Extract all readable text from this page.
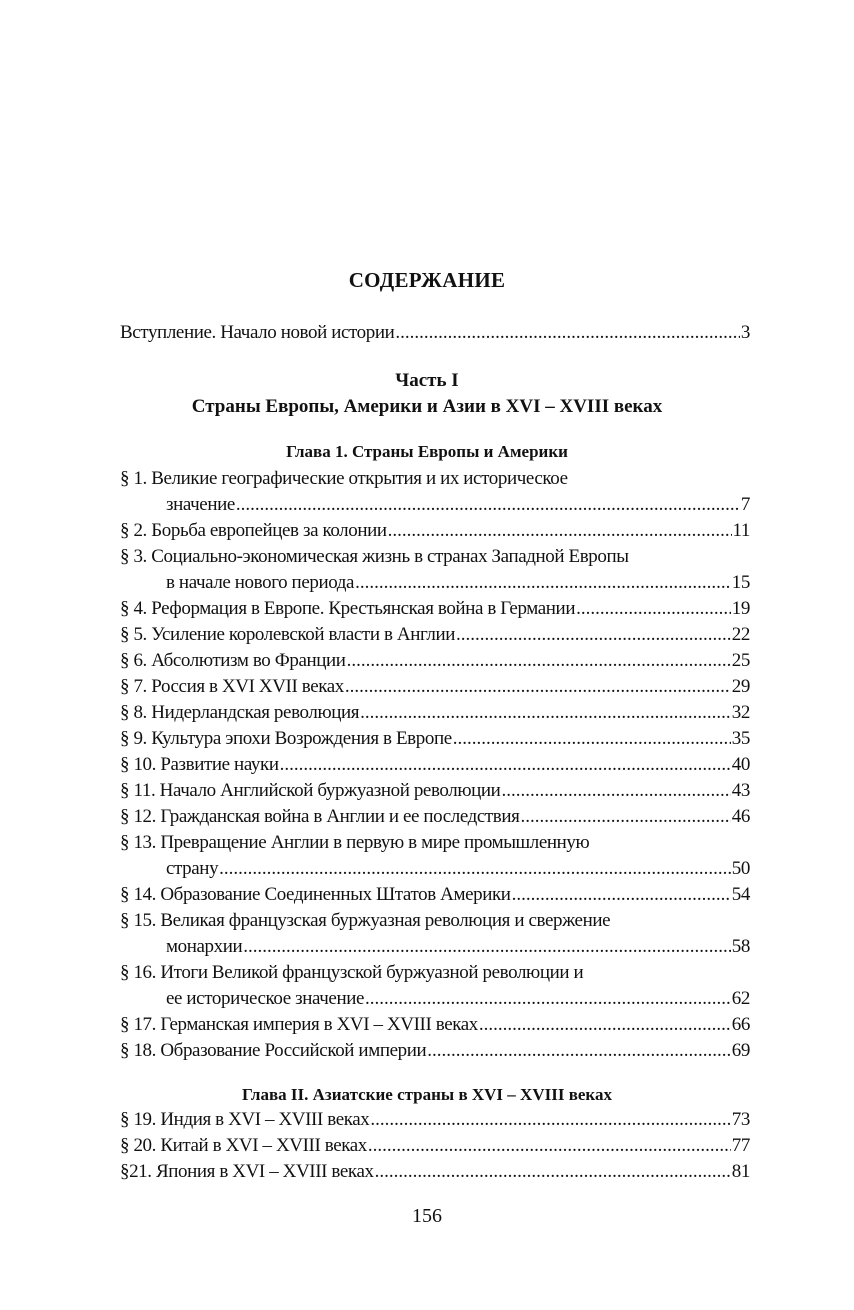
СОДЕРЖАНИЕ
Вступление. Начало новой истории .....	3
Часть I
Страны Европы, Америки и Азии в XVI – XVIII веках
Глава 1. Страны Европы и Америки
§ 1. Великие географические открытия и их историческое
значение .....	7
§ 2. Борьба европейцев за колонии .....	11
§ 3. Социально-экономическая жизнь в странах Западной Европы
в начале нового периода .....	15
§ 4. Реформация в Европе. Крестьянская война в Германии .....	19
§ 5. Усиление королевской власти в Англии .....	22
§ 6. Абсолютизм во Франции .....	25
§ 7. Россия в XVI XVII веках .....	29
§ 8. Нидерландская революция .....	32
§ 9. Культура эпохи Возрождения в Европе .....	35
§ 10. Развитие науки .....	40
§ 11. Начало Английской буржуазной революции .....	43
§ 12. Гражданская война в Англии и ее последствия .....	46
§ 13. Превращение Англии в первую в мире промышленную
страну .....	50
§ 14. Образование Соединенных Штатов Америки .....	54
§ 15. Великая французская буржуазная революция и свержение
монархии .....	58
§ 16. Итоги Великой французской буржуазной революции и
ее историческое значение .....	62
§ 17. Германская империя в XVI – XVIII веках .....	66
§ 18. Образование Российской империи .....	69
Глава II. Азиатские страны в XVI – XVIII веках
§ 19. Индия в XVI – XVIII веках .....	73
§ 20. Китай в XVI – XVIII веках .....	77
§21. Япония в XVI – XVIII веках .....	81
156
